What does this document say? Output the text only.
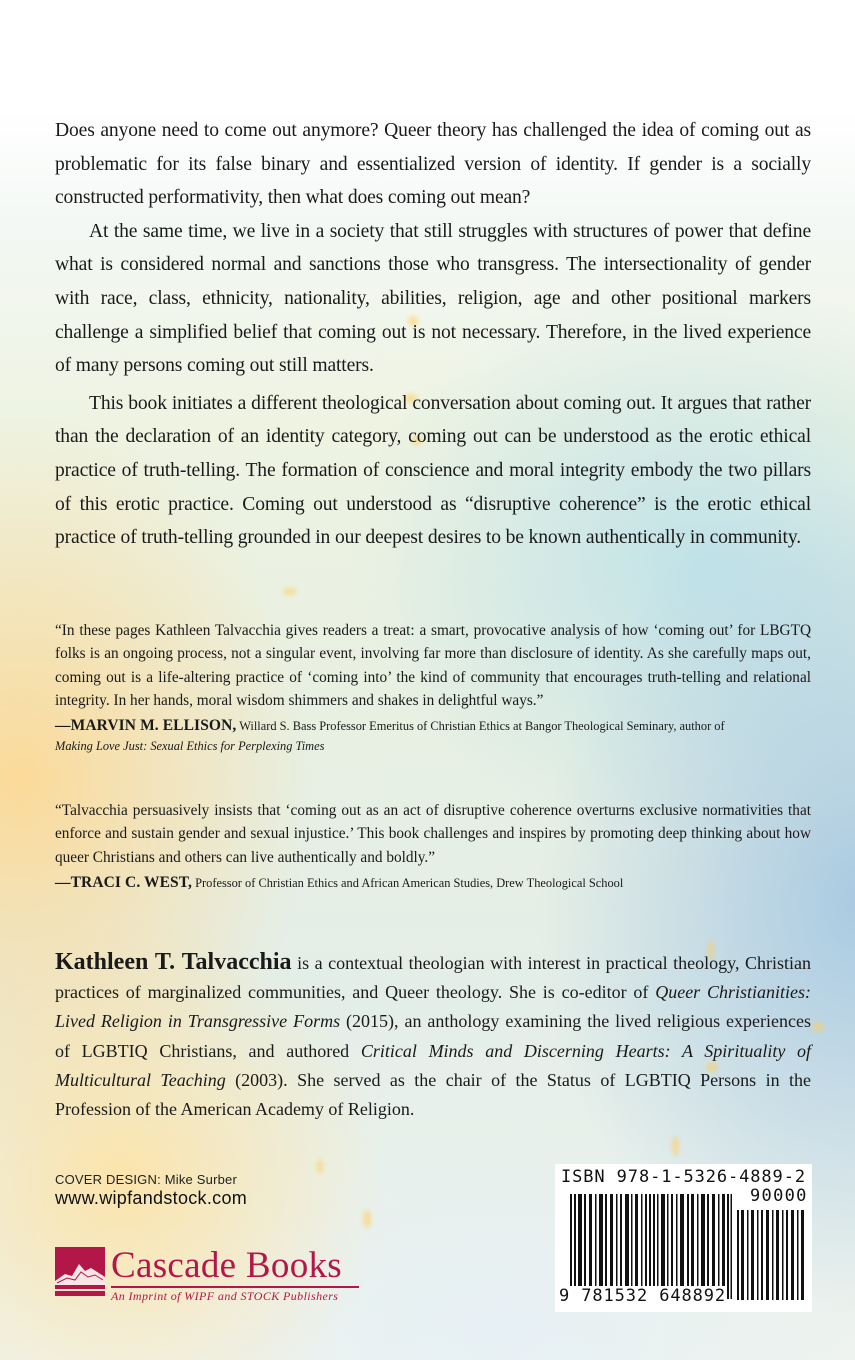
Does anyone need to come out anymore? Queer theory has challenged the idea of coming out as problematic for its false binary and essentialized version of identity. If gender is a socially constructed performativity, then what does coming out mean?

At the same time, we live in a society that still struggles with structures of power that define what is considered normal and sanctions those who transgress. The intersectionality of gender with race, class, ethnicity, nationality, abilities, religion, age and other positional markers challenge a simplified belief that coming out is not necessary. Therefore, in the lived experience of many persons coming out still matters.

This book initiates a different theological conversation about coming out. It argues that rather than the declaration of an identity category, coming out can be understood as the erotic ethical practice of truth-telling. The formation of conscience and moral integrity embody the two pillars of this erotic practice. Coming out understood as “disruptive coherence” is the erotic ethical practice of truth-telling grounded in our deepest desires to be known authentically in community.

“In these pages Kathleen Talvacchia gives readers a treat: a smart, provocative analysis of how ‘coming out’ for LBGTQ folks is an ongoing process, not a singular event, involving far more than disclosure of identity. As she carefully maps out, coming out is a life-altering practice of ‘coming into’ the kind of community that encourages truth-telling and relational integrity. In her hands, moral wisdom shimmers and shakes in delightful ways.”

—MARVIN M. ELLISON, Willard S. Bass Professor Emeritus of Christian Ethics at Bangor Theological Seminary, author of
Making Love Just: Sexual Ethics for Perplexing Times

“Talvacchia persuasively insists that ‘coming out as an act of disruptive coherence overturns exclusive normativities that enforce and sustain gender and sexual injustice.’ This book challenges and inspires by promoting deep thinking about how queer Christians and others can live authentically and boldly.”

—TRACI C. WEST, Professor of Christian Ethics and African American Studies, Drew Theological School
Kathleen T. Talvacchia is a contextual theologian with interest in practical theology, Christian practices of marginalized communities, and Queer theology. She is co-editor of Queer Christianities: Lived Religion in Transgressive Forms (2015), an anthology examining the lived religious experiences of LGBTIQ Christians, and authored Critical Minds and Discerning Hearts: A Spirituality of Multicultural Teaching (2003). She served as the chair of the Status of LGBTIQ Persons in the Profession of the American Academy of Religion.
COVER DESIGN: Mike Surber
www.wipfandstock.com
Cascade Books
An Imprint of WIPF and STOCK Publishers
ISBN 978-1-5326-4889-2
90000
9 781532 648892
